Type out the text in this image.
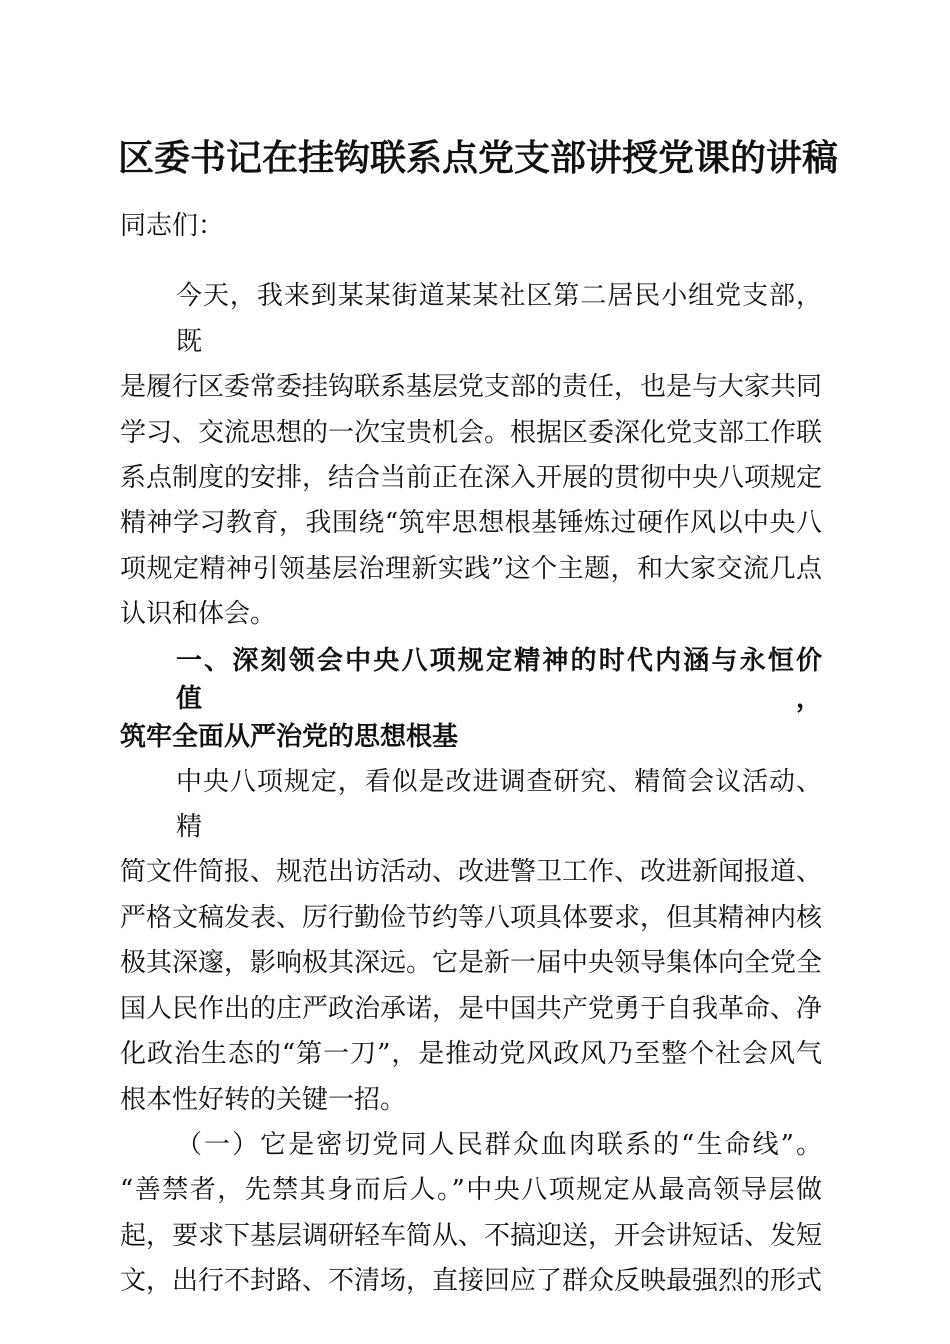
区委书记在挂钩联系点党支部讲授党课的讲稿
同志们：
今天，我来到某某街道某某社区第二居民小组党支部，既
是履行区委常委挂钩联系基层党支部的责任，也是与大家共同
学习、交流思想的一次宝贵机会。根据区委深化党支部工作联
系点制度的安排，结合当前正在深入开展的贯彻中央八项规定
精神学习教育，我围绕“筑牢思想根基锤炼过硬作风以中央八
项规定精神引领基层治理新实践”这个主题，和大家交流几点
认识和体会。
一、深刻领会中央八项规定精神的时代内涵与永恒价值，
筑牢全面从严治党的思想根基
中央八项规定，看似是改进调查研究、精简会议活动、精
简文件简报、规范出访活动、改进警卫工作、改进新闻报道、
严格文稿发表、厉行勤俭节约等八项具体要求，但其精神内核
极其深邃，影响极其深远。它是新一届中央领导集体向全党全
国人民作出的庄严政治承诺，是中国共产党勇于自我革命、净
化政治生态的“第一刀”，是推动党风政风乃至整个社会风气
根本性好转的关键一招。
（一）它是密切党同人民群众血肉联系的“生命线”。
“善禁者，先禁其身而后人。”中央八项规定从最高领导层做
起，要求下基层调研轻车简从、不搞迎送，开会讲短话、发短
文，出行不封路、不清场，直接回应了群众反映最强烈的形式
